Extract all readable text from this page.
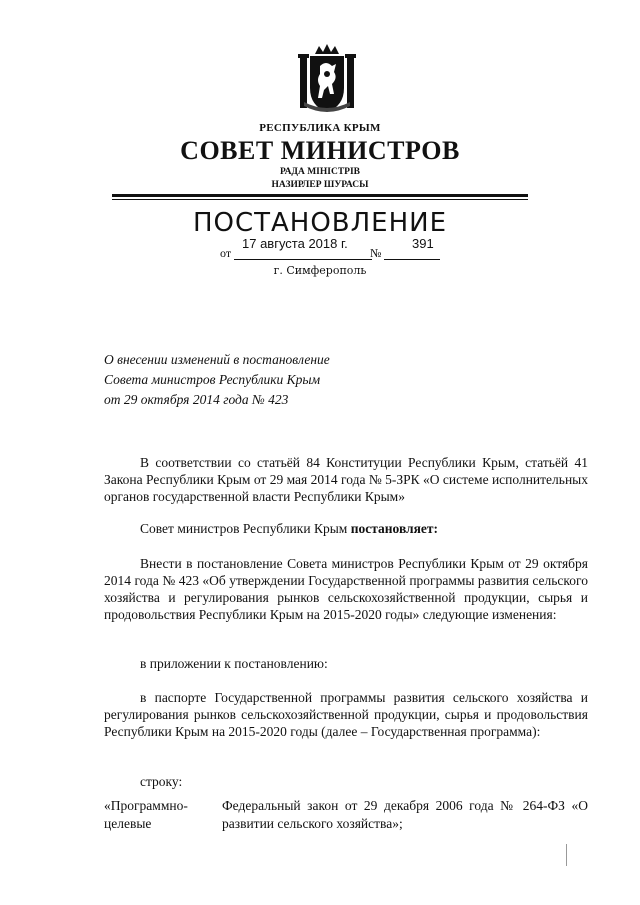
РЕСПУБЛИКА КРЫМ
СОВЕТ МИНИСТРОВ
РАДА МІНІСТРІВ
НАЗИРЛЕР ШУРАСЫ
ПОСТАНОВЛЕНИЕ
от
17 августа 2018 г.
№
391
г. Симферополь
О внесении изменений в постановление
Совета министров Республики Крым
от 29 октября 2014 года № 423
В соответствии со статьёй 84 Конституции Республики Крым, статьёй 41 Закона Республики Крым от 29 мая 2014 года № 5-ЗРК «О системе исполнительных органов государственной власти Республики Крым»
Совет министров Республики Крым постановляет:
Внести в постановление Совета министров Республики Крым от 29 октября 2014 года № 423 «Об утверждении Государственной программы развития сельского хозяйства и регулирования рынков сельскохозяйственной продукции, сырья и продовольствия Республики Крым на 2015-2020 годы» следующие изменения:
в приложении к постановлению:
в паспорте Государственной программы развития сельского хозяйства и регулирования рынков сельскохозяйственной продукции, сырья и продовольствия Республики Крым на 2015-2020 годы (далее – Государственная программа):
строку:
«Программно-целевые
Федеральный закон от 29 декабря 2006 года № 264-ФЗ «О развитии сельского хозяйства»;
